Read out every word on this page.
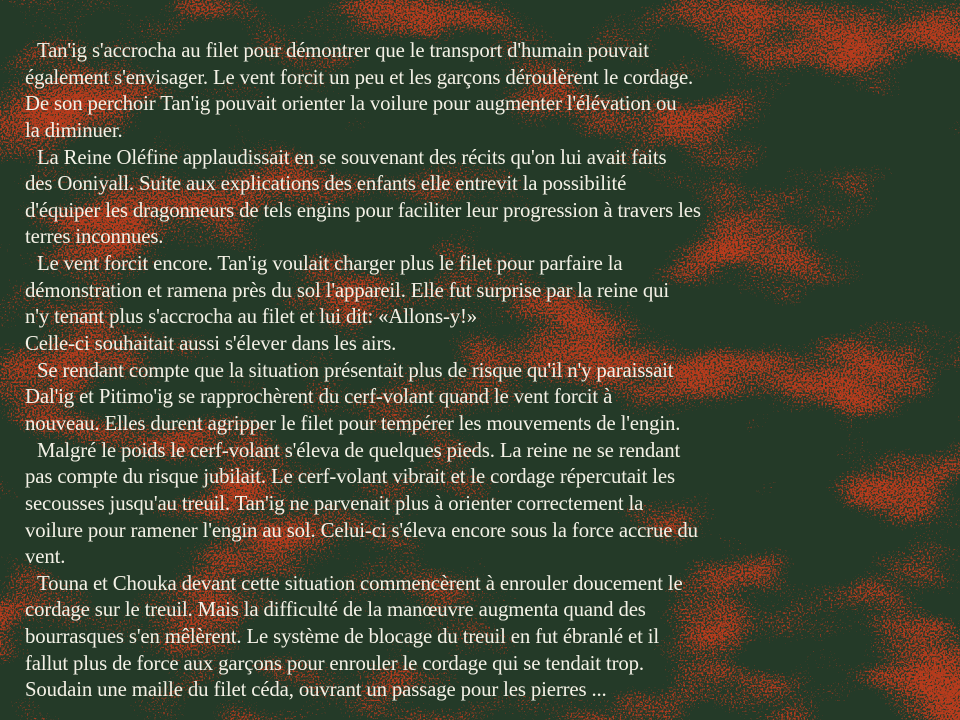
Tan'ig s'accrocha au filet pour démontrer que le transport d'humain pouvait
également s'envisager. Le vent forcit un peu et les garçons déroulèrent le cordage.
De son perchoir Tan'ig pouvait orienter la voilure pour augmenter l'élévation ou
la diminuer.
La Reine Oléfine applaudissait en se souvenant des récits qu'on lui avait faits
des Ooniyall. Suite aux explications des enfants elle entrevit la possibilité
d'équiper les dragonneurs de tels engins pour faciliter leur progression à travers les
terres inconnues.
Le vent forcit encore. Tan'ig voulait charger plus le filet pour parfaire la
démonstration et ramena près du sol l'appareil. Elle fut surprise par la reine qui
n'y tenant plus s'accrocha au filet et lui dit: «Allons-y!»
Celle-ci souhaitait aussi s'élever dans les airs.
Se rendant compte que la situation présentait plus de risque qu'il n'y paraissait
Dal'ig et Pitimo'ig se rapprochèrent du cerf-volant quand le vent forcit à
nouveau. Elles durent agripper le filet pour tempérer les mouvements de l'engin.
Malgré le poids le cerf-volant s'éleva de quelques pieds. La reine ne se rendant
pas compte du risque jubilait. Le cerf-volant vibrait et le cordage répercutait les
secousses jusqu'au treuil. Tan'ig ne parvenait plus à orienter correctement la
voilure pour ramener l'engin au sol. Celui-ci s'éleva encore sous la force accrue du
vent.
Touna et Chouka devant cette situation commencèrent à enrouler doucement le
cordage sur le treuil. Mais la difficulté de la manœuvre augmenta quand des
bourrasques s'en mêlèrent. Le système de blocage du treuil en fut ébranlé et il
fallut plus de force aux garçons pour enrouler le cordage qui se tendait trop.
Soudain une maille du filet céda, ouvrant un passage pour les pierres ...
